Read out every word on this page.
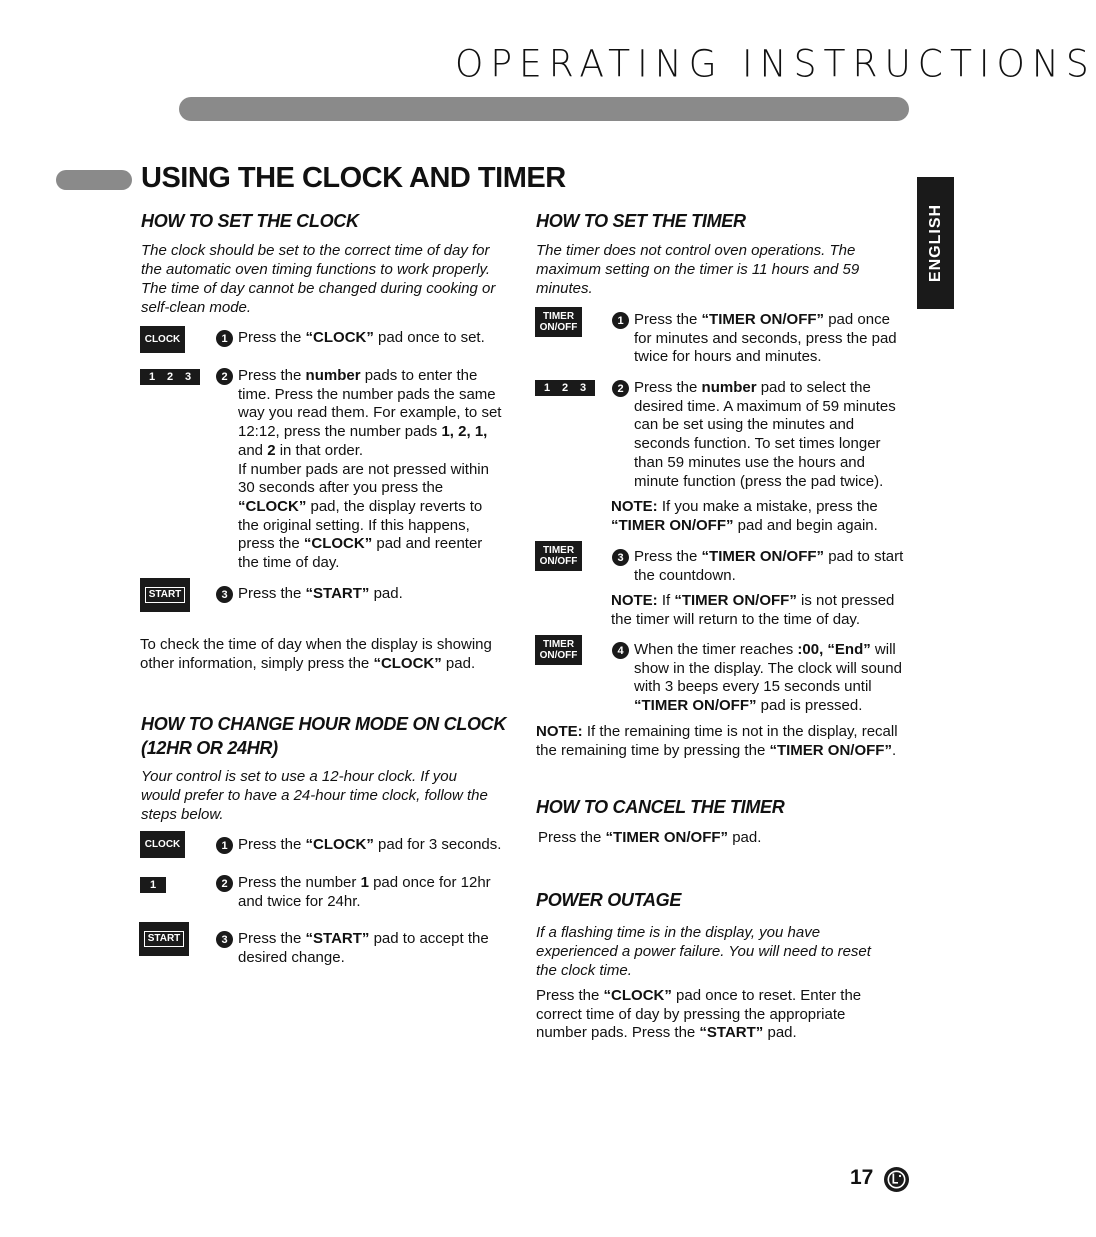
OPERATING INSTRUCTIONS
ENGLISH
USING THE CLOCK AND TIMER
HOW TO SET THE CLOCK
The clock should be set to the correct time of day for
the automatic oven timing functions to work properly.
The time of day cannot be changed during cooking or
self-clean mode.
CLOCK	1 Press the “CLOCK” pad once to set.
1 2 3	2 Press the number pads to enter the
time. Press the number pads the same
way you read them. For example, to set
12:12, press the number pads 1, 2, 1,
and 2 in that order.
If number pads are not pressed within
30 seconds after you press the
“CLOCK” pad, the display reverts to
the original setting. If this happens,
press the “CLOCK” pad and reenter
the time of day.
START	3 Press the “START” pad.
To check the time of day when the display is showing
other information, simply press the “CLOCK” pad.
HOW TO CHANGE HOUR MODE ON CLOCK
(12HR OR 24HR)
Your control is set to use a 12-hour clock. If you
would prefer to have a 24-hour time clock, follow the
steps below.
CLOCK	1 Press the “CLOCK” pad for 3 seconds.
1	2 Press the number 1 pad once for 12hr
and twice for 24hr.
START	3 Press the “START” pad to accept the
desired change.
HOW TO SET THE TIMER
The timer does not control oven operations. The
maximum setting on the timer is 11 hours and 59
minutes.
TIMER
ON/OFF
1 Press the “TIMER ON/OFF” pad once
for minutes and seconds, press the pad
twice for hours and minutes.
1 2 3	2 Press the number pad to select the
desired time. A maximum of 59 minutes
can be set using the minutes and
seconds function. To set times longer
than 59 minutes use the hours and
minute function (press the pad twice).
NOTE: If you make a mistake, press the
“TIMER ON/OFF” pad and begin again.
TIMER
ON/OFF	3 Press the “TIMER ON/OFF” pad to start
the countdown.
NOTE: If “TIMER ON/OFF” is not pressed
the timer will return to the time of day.
TIMER
ON/OFF	4 When the timer reaches :00, “End” will
show in the display. The clock will sound
with 3 beeps every 15 seconds until
“TIMER ON/OFF” pad is pressed.
NOTE: If the remaining time is not in the display, recall
the remaining time by pressing the “TIMER ON/OFF”.
HOW TO CANCEL THE TIMER
Press the “TIMER ON/OFF” pad.
POWER OUTAGE
If a flashing time is in the display, you have
experienced a power failure. You will need to reset
the clock time.
Press the “CLOCK” pad once to reset. Enter the
correct time of day by pressing the appropriate
number pads. Press the “START” pad.
17
